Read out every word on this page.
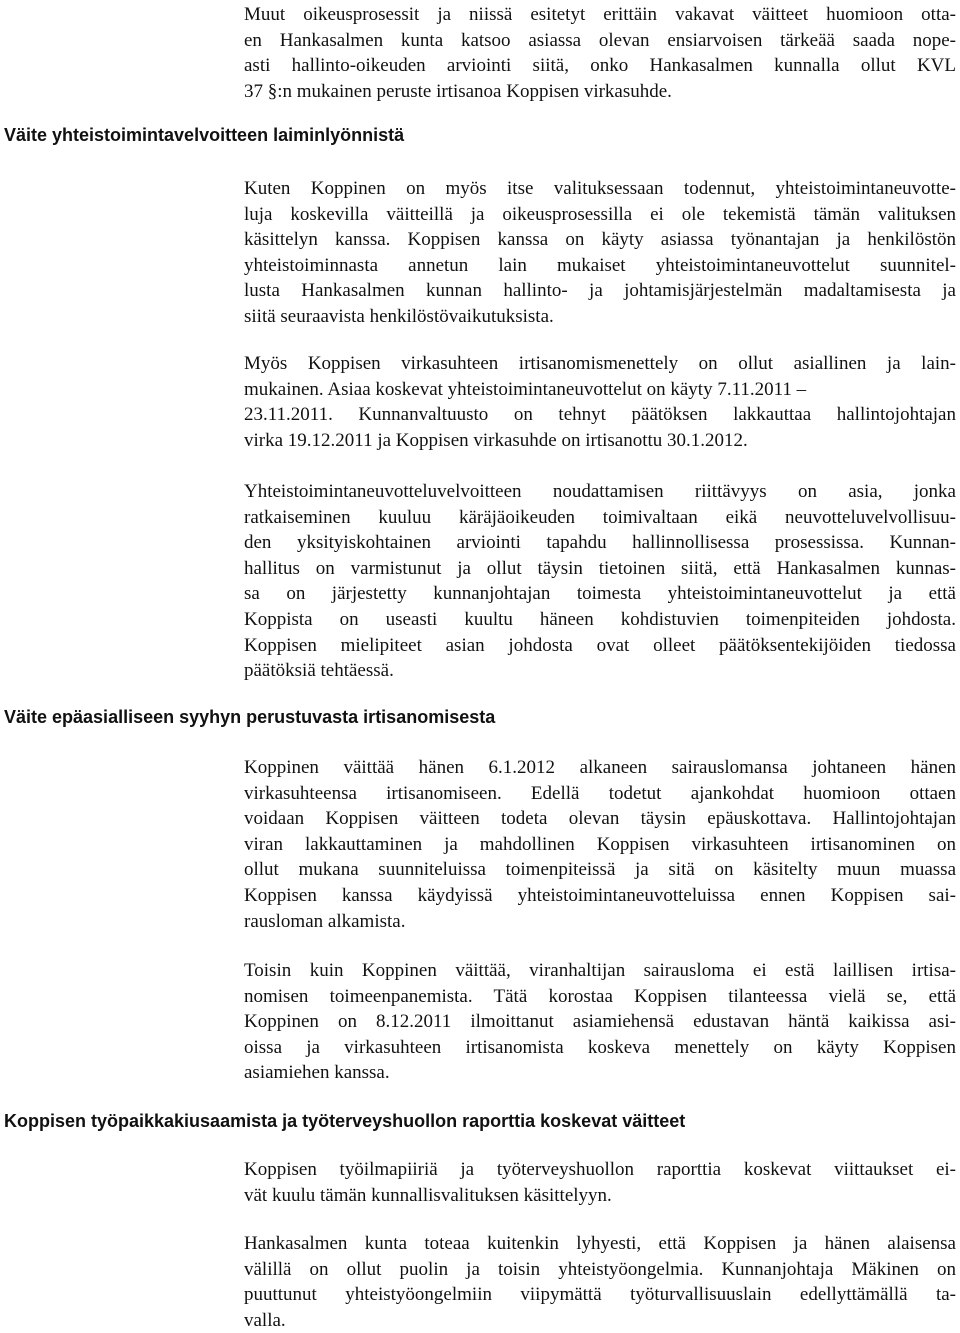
Muut oikeusprosessit ja niissä esitetyt erittäin vakavat väitteet huomioon otta-
en Hankasalmen kunta katsoo asiassa olevan ensiarvoisen tärkeää saada nope-
asti hallinto-oikeuden arviointi siitä, onko Hankasalmen kunnalla ollut KVL
37 §:n mukainen peruste irtisanoa Koppisen virkasuhde.

Väite yhteistoimintavelvoitteen laiminlyönnistä

Kuten Koppinen on myös itse valituksessaan todennut, yhteistoimintaneuvotte-
luja koskevilla väitteillä ja oikeusprosessilla ei ole tekemistä tämän valituksen
käsittelyn kanssa. Koppisen kanssa on käyty asiassa työnantajan ja henkilöstön
yhteistoiminnasta annetun lain mukaiset yhteistoimintaneuvottelut suunnitel-
lusta Hankasalmen kunnan hallinto- ja johtamisjärjestelmän madaltamisesta ja
siitä seuraavista henkilöstövaikutuksista.

Myös Koppisen virkasuhteen irtisanomismenettely on ollut asiallinen ja lain-
mukainen. Asiaa koskevat yhteistoimintaneuvottelut on käyty 7.11.2011 –
23.11.2011. Kunnanvaltuusto on tehnyt päätöksen lakkauttaa hallintojohtajan
virka 19.12.2011 ja Koppisen virkasuhde on irtisanottu 30.1.2012.

Yhteistoimintaneuvotteluvelvoitteen noudattamisen riittävyys on asia, jonka
ratkaiseminen kuuluu käräjäoikeuden toimivaltaan eikä neuvotteluvelvollisuu-
den yksityiskohtainen arviointi tapahdu hallinnollisessa prosessissa. Kunnan-
hallitus on varmistunut ja ollut täysin tietoinen siitä, että Hankasalmen kunnas-
sa on järjestetty kunnanjohtajan toimesta yhteistoimintaneuvottelut ja että
Koppista on useasti kuultu häneen kohdistuvien toimenpiteiden johdosta.
Koppisen mielipiteet asian johdosta ovat olleet päätöksentekijöiden tiedossa
päätöksiä tehtäessä.

Väite epäasialliseen syyhyn perustuvasta irtisanomisesta

Koppinen väittää hänen 6.1.2012 alkaneen sairauslomansa johtaneen hänen
virkasuhteensa irtisanomiseen. Edellä todetut ajankohdat huomioon ottaen
voidaan Koppisen väitteen todeta olevan täysin epäuskottava. Hallintojohtajan
viran lakkauttaminen ja mahdollinen Koppisen virkasuhteen irtisanominen on
ollut mukana suunniteluissa toimenpiteissä ja sitä on käsitelty muun muassa
Koppisen kanssa käydyissä yhteistoimintaneuvotteluissa ennen Koppisen sai-
rausloman alkamista.

Toisin kuin Koppinen väittää, viranhaltijan sairausloma ei estä laillisen irtisa-
nomisen toimeenpanemista. Tätä korostaa Koppisen tilanteessa vielä se, että
Koppinen on 8.12.2011 ilmoittanut asiamiehensä edustavan häntä kaikissa asi-
oissa ja virkasuhteen irtisanomista koskeva menettely on käyty Koppisen
asiamiehen kanssa.

Koppisen työpaikkakiusaamista ja työterveyshuollon raporttia koskevat väitteet

Koppisen työilmapiiriä ja työterveyshuollon raporttia koskevat viittaukset ei-
vät kuulu tämän kunnallisvalituksen käsittelyyn.

Hankasalmen kunta toteaa kuitenkin lyhyesti, että Koppisen ja hänen alaisensa
välillä on ollut puolin ja toisin yhteistyöongelmia. Kunnanjohtaja Mäkinen on
puuttunut yhteistyöongelmiin viipymättä työturvallisuuslain edellyttämällä ta-
valla.
